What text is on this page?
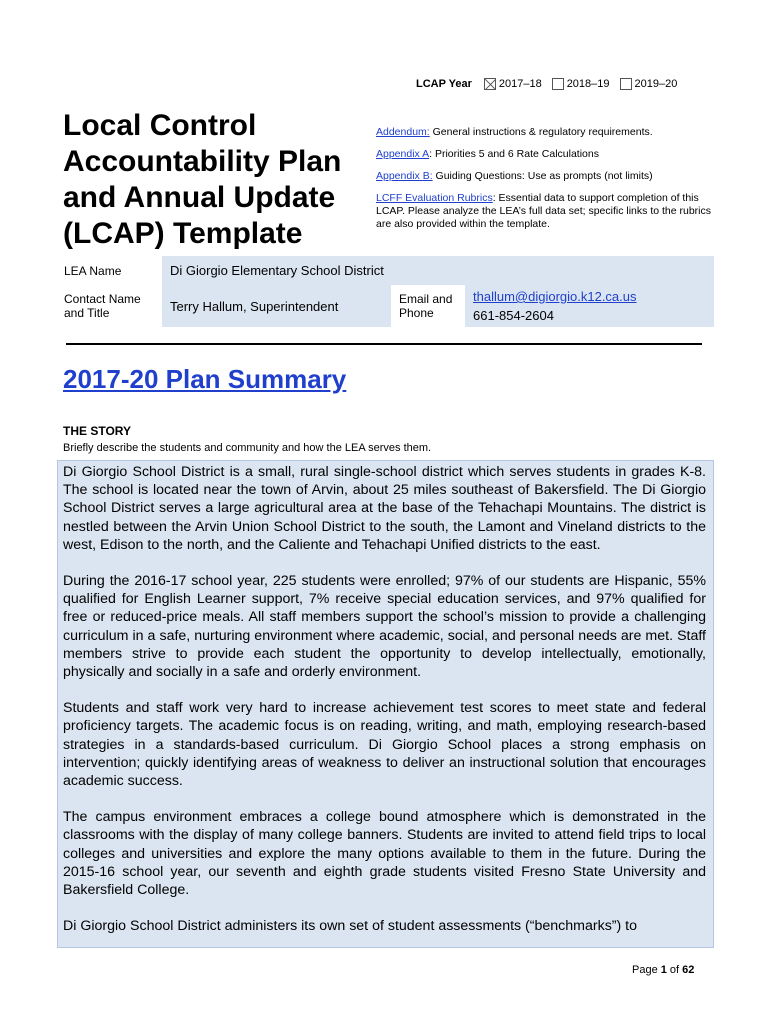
LCAP Year 2017–18 2018–19 2019–20
Local Control Accountability Plan and Annual Update (LCAP) Template
Addendum: General instructions & regulatory requirements.
Appendix A: Priorities 5 and 6 Rate Calculations
Appendix B: Guiding Questions: Use as prompts (not limits)
LCFF Evaluation Rubrics: Essential data to support completion of this LCAP. Please analyze the LEA’s full data set; specific links to the rubrics are also provided within the template.
LEA Name	Di Giorgio Elementary School District		
Contact Name and Title	Terry Hallum, Superintendent	Email and Phone	thallum@digiorgio.k12.ca.us
661-854-2604
2017-20 Plan Summary
THE STORY
Briefly describe the students and community and how the LEA serves them.

Di Giorgio School District is a small, rural single-school district which serves students in grades K-8. The school is located near the town of Arvin, about 25 miles southeast of Bakersfield. The Di Giorgio School District serves a large agricultural area at the base of the Tehachapi Mountains. The district is nestled between the Arvin Union School District to the south, the Lamont and Vineland districts to the west, Edison to the north, and the Caliente and Tehachapi Unified districts to the east.

During the 2016-17 school year, 225 students were enrolled; 97% of our students are Hispanic, 55% qualified for English Learner support, 7% receive special education services, and 97% qualified for free or reduced-price meals. All staff members support the school’s mission to provide a challenging curriculum in a safe, nurturing environment where academic, social, and personal needs are met. Staff members strive to provide each student the opportunity to develop intellectually, emotionally, physically and socially in a safe and orderly environment.

Students and staff work very hard to increase achievement test scores to meet state and federal proficiency targets. The academic focus is on reading, writing, and math, employing research-based strategies in a standards-based curriculum. Di Giorgio School places a strong emphasis on intervention; quickly identifying areas of weakness to deliver an instructional solution that encourages academic success.

The campus environment embraces a college bound atmosphere which is demonstrated in the classrooms with the display of many college banners. Students are invited to attend field trips to local colleges and universities and explore the many options available to them in the future. During the 2015-16 school year, our seventh and eighth grade students visited Fresno State University and Bakersfield College.

Di Giorgio School District administers its own set of student assessments (“benchmarks”) to

Page 1 of 62
